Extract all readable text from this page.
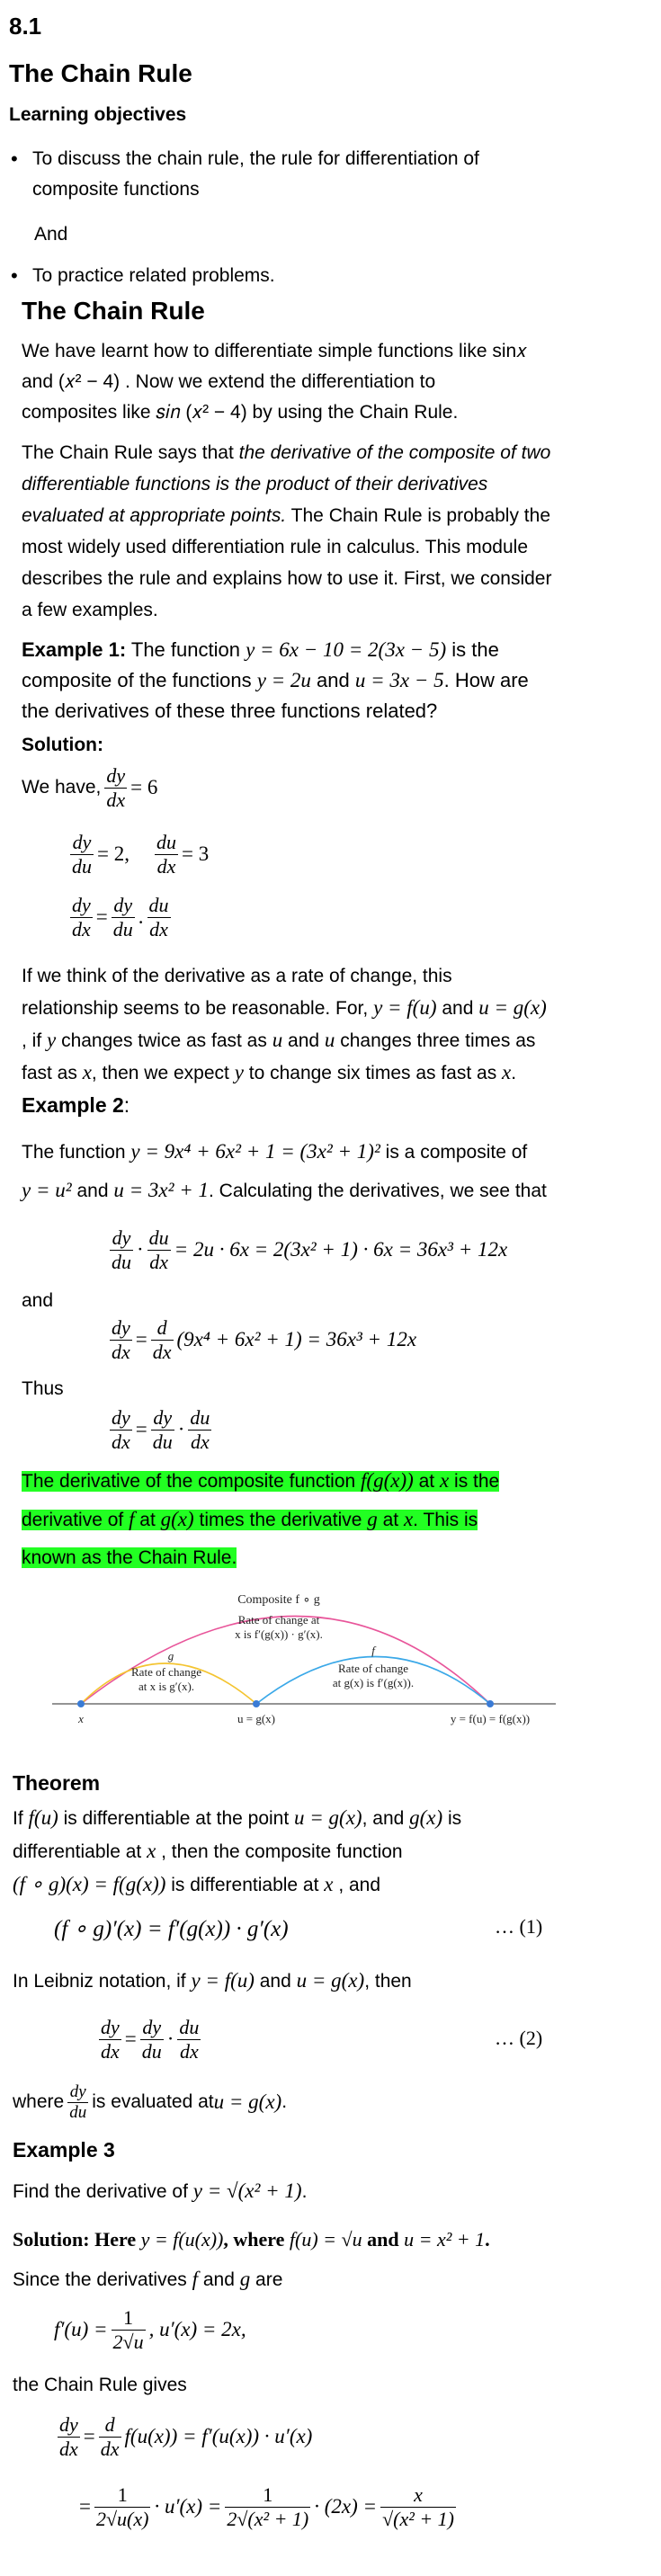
8.1
The Chain Rule
Learning objectives
• To discuss the chain rule, the rule for differentiation of
composite functions
And
• To practice related problems.
The Chain Rule
We have learnt how to differentiate simple functions like sin𝑥
and (𝑥² − 4) . Now we extend the differentiation to
composites like 𝑠𝑖𝑛 (𝑥² − 4) by using the Chain Rule.
The Chain Rule says that the derivative of the composite of two
differentiable functions is the product of their derivatives
evaluated at appropriate points. The Chain Rule is probably the
most widely used differentiation rule in calculus. This module
describes the rule and explains how to use it. First, we consider
a few examples.
Example 1: The function y = 6x − 10 = 2(3x − 5) is the
composite of the functions y = 2u and u = 3x − 5. How are
the derivatives of these three functions related?
Solution:
We have, $\frac{dy}{dx} = 6$
$\frac{dy}{du} = 2$, $\frac{du}{dx} = 3$
$\frac{dy}{dx} = \frac{dy}{du}$ . $\frac{du}{dx}$
If we think of the derivative as a rate of change, this
relationship seems to be reasonable. For, y = f(u) and u = g(x)
, if y changes twice as fast as u and u changes three times as
fast as x, then we expect y to change six times as fast as x.
Example 2:
The function y = 9x⁴ + 6x² + 1 = (3x² + 1)² is a composite of
y = u² and u = 3x² + 1. Calculating the derivatives, we see that
$\frac{dy}{du} \cdot \frac{du}{dx} = 2u \cdot 6x = 2(3x^2 + 1) \cdot 6x = 36x^3 + 12x$
and
$\frac{dy}{dx} = \frac{d}{dx} (9x^4 + 6x^2 + 1) = 36x^3 + 12x$
Thus
$\frac{dy}{dx} = \frac{dy}{du} \cdot \frac{du}{dx}$
The derivative of the composite function f(g(x)) at x is the
derivative of f at g(x) times the derivative g at x. This is
known as the Chain Rule.
Composite f ∘ g
Rate of change at
x is f′(g(x)) · g′(x).
g	f
Rate of change
at x is g′(x).
Rate of change
at g(x) is f′(g(x)).
x	u = g(x)	y = f(u) = f(g(x))
Theorem
If f(u) is differentiable at the point u = g(x), and g(x) is
differentiable at x , then the composite function
(f ∘ g)(x) = f(g(x)) is differentiable at x , and
(f ∘ g)′(x) = f′(g(x)) · g′(x)	… (1)
In Leibniz notation, if y = f(u) and u = g(x), then
$\frac{dy}{dx} = \frac{dy}{du} \cdot \frac{du}{dx}$	… (2)
where $\frac{dy}{du}$ is evaluated at u = g(x) .
Example 3
Find the derivative of y = √(x² + 1).
Solution: Here y = f(u(x)), where f(u) = √u and u = x² + 1.
Since the derivatives f and g are
$f'(u) = \frac{1}{2√u}$ , u′(x) = 2x,
the Chain Rule gives
$\frac{dy}{dx} = \frac{d}{dx} f(u(x)) = f'(u(x)) \cdot u'(x)$
= $\frac{1}{2√u(x)} \cdot u'(x) = \frac{1}{\text{2√(x² + 1)}} \cdot (2x) = \frac{x}{\text{√(x² + 1)}}$
